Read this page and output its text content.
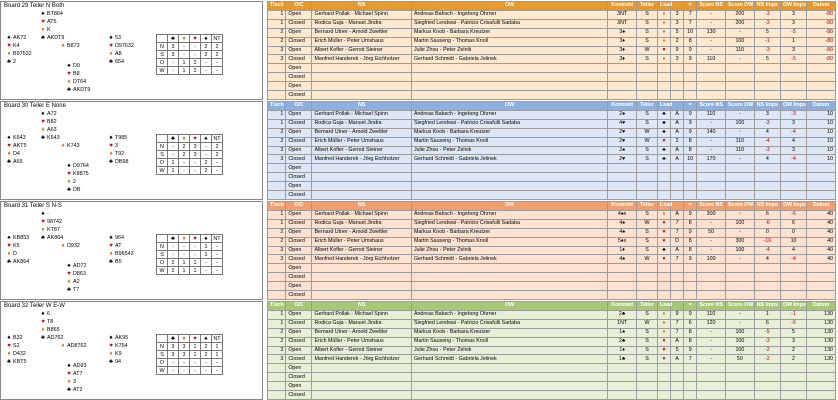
Board 29 Teiler N Both
♠ BT864
♥ AT5
♦ K
♣ AKDT9
♠ AK72
♥ K4
♦ B97532
♣ 2
♠ 53
♥ D97632
♦ A8
♣ 654
♠ D9
♥ B8
♦ DT64
♣ AKDT9
♦ B873
	♣	♦	♥	♠	NT
N	3	-	-	2	2
S	3	-	-	2	2
O	-	1	2	-	-
W	-	1	2	-	-
Tisch	O/C	NS	OW	Kontrakt	Teiler	Lead		=	Score NS	Score OW	NS Imps	OW Imps	Datum
1	Open	Gerhard Pollak - Michael Spinn	Andreas Babsch - Ingeborg Ohrner	3NT	S	♦	3	7	-	200	-3	3	-80
1	Closed	Rodica Guja - Manuel Jindra	Siegfried Lendwai - Patricio Crisafulli Sadaba	3NT	S	♦	3	7	-	200	-3	3	-80
2	Open	Bernard Utner - Arnold Zwettler	Markus Knob - Barbara Kreutzer	3♠	S	♦	5	10	130	-	5	-5	-80
2	Closed	Erich Müller - Peter Umshaus	Martin Sauseng - Thomas Knoll	3♦	S	♦	2	8	-	100	-1	1	-80
3	Open	Albert Kofler - Gernot Steiner	Julie Zhou - Peter Zelnik	3♦	W	♥	9	9	-	110	-3	3	-80
3	Closed	Manfred Handerek - Jörg Eichholzer	Gerhard Schmidt - Gabriela Jelinek	3♦	S	♦	3	9	110	-	5	-5	-80
	Open												
	Closed												
	Open												
	Closed												
Board 30 Teiler E None
♠ A72
♥ B82
♦ A63
♣ K643
♠ K643
♥ AKT5
♦ D4
♣ A65
♠ T985
♥ 3
♦ T92
♣ DB98
♠ D9764
♥ K8875
♦ 2
♣ DB
♦ K743
	♣	♦	♥	♠	NT
N	-	2	3	-	2
S	-	2	3	-	2
O	1	-	-	2	-
W	1	-	-	2	-
Tisch	O/C	NS	OW	Kontrakt	Teiler	Lead		=	Score NS	Score OW	NS Imps	OW Imps	Datum
1	Open	Gerhard Pollak - Michael Spinn	Andreas Babsch - Ingeborg Ohrner	2♠	S	♣	A	9	110	-	3	-3	10
1	Closed	Rodica Guja - Manuel Jindra	Siegfried Lendwai - Patricio Crisafulli Sadaba	4♥	S	♣	A	9	-	100	-3	3	10
2	Open	Bernard Utner - Arnold Zwettler	Markus Knob - Barbara Kreutzer	2♥	W	♣	A	9	140	-	4	-4	10
2	Closed	Erich Müller - Peter Umshaus	Martin Sauseng - Thomas Knoll	2♥	W	♥	2	8	-	110	-4	4	10
3	Open	Albert Kofler - Gernot Steiner	Julie Zhou - Peter Zelnik	2♠	S	♣	A	8	-	110	-3	3	10
3	Closed	Manfred Handerek - Jörg Eichholzer	Gerhard Schmidt - Gabriela Jelinek	2♥	S	♣	A	10	170	-	4	-4	10
	Open												
	Closed												
	Open												
	Closed												
Board 31 Teiler S N-S
♠ -
♥ 98742
♦ KT87
♣ AK864
♠ KB853
♥ K5
♦ D
♣ AK864
♠ 964
♥ AT
♦ B96543
♣ B5
♠ AD72
♥ D863
♦ A2
♣ T7
♦ D932
	♣	♦	♥	♠	NT
N	-	-	-	1	-
S	-	-	-	1	-
O	2	1	1	-	-
W	2	1	1	-	-
Tisch	O/C	NS	OW	Kontrakt	Teiler	Lead		=	Score NS	Score OW	NS Imps	OW Imps	Datum
1	Open	Gerhard Pollak - Michael Spinn	Andreas Babsch - Ingeborg Ohrner	4♠x	S	♦	A	9	300	-	6	-6	40
1	Closed	Rodica Guja - Manuel Jindra	Siegfried Lendwai - Patricio Crisafulli Sadaba	4♠	W	♥	7	8	-	100	-6	6	40
2	Open	Bernard Utner - Arnold Zwettler	Markus Knob - Barbara Kreutzer	4♠	S	♥	7	9	50	-	0	0	40
2	Closed	Erich Müller - Peter Umshaus	Martin Sauseng - Thomas Knoll	5♦x	S	♥	D	8	-	300	-10	10	40
3	Open	Albert Kofler - Gernot Steiner	Julie Zhou - Peter Zelnik	1♦	S	♣	A	8	-	100	-4	4	40
3	Closed	Manfred Handerek - Jörg Eichholzer	Gerhard Schmidt - Gabriela Jelinek	4♠	W	♥	7	9	100	-	4	-4	40
	Open												
	Closed												
	Open												
	Closed												
Board 32 Teiler W E-W
♠ 6
♥ T8
♦ B865
♣ AD762
♠ B32
♥ S2
♦ D432
♣ KBT5
♠ AK95
♥ K764
♦ K9
♣ 94
♠ AD93
♥ AT7
♦ 3
♣ AT2
♦ AD8762
	♣	♦	♥	♠	NT
N	3	3	1	2	1
S	3	3	1	2	1
O	-	-	-	-	-
W	-	-	-	-	-
Tisch	O/C	NS	OW	Kontrakt	Teiler	Lead		=	Score NS	Score OW	NS Imps	OW Imps	Datum
1	Open	Gerhard Pollak - Michael Spinn	Andreas Babsch - Ingeborg Ohrner	2♣	S	♦	9	9	110	-	1	-1	130
1	Closed	Rodica Guja - Manuel Jindra	Siegfried Lendwai - Patricio Crisafulli Sadaba	1NT	W	♦	7	6	120	-	6	-6	130
2	Open	Bernard Utner - Arnold Zwettler	Markus Knob - Barbara Kreutzer	1♠	S	♦	7	8	-	100	-5	5	130
2	Closed	Erich Müller - Peter Umshaus	Martin Sauseng - Thomas Knoll	2♣	S	♥	A	8	-	100	-3	3	130
3	Open	Albert Kofler - Gernot Steiner	Julie Zhou - Peter Zelnik	1♦	S	♥	5	9	-	100	-2	2	130
3	Closed	Manfred Handerek - Jörg Eichholzer	Gerhard Schmidt - Gabriela Jelinek	1♣	S	♥	A	7	-	50	-2	2	130
	Open												
	Closed												
	Open												
	Closed												
